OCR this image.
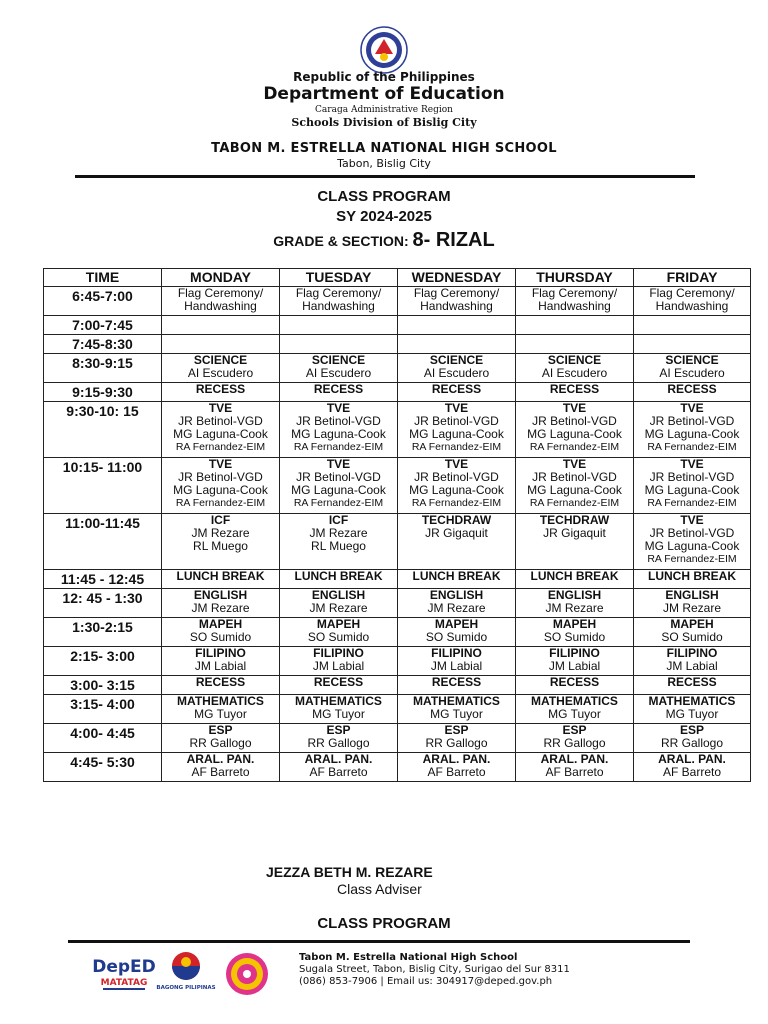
Republic of the Philippines
Department of Education
Caraga Administrative Region
Schools Division of Bislig City
TABON M. ESTRELLA NATIONAL HIGH SCHOOL
Tabon, Bislig City
CLASS PROGRAM
SY 2024-2025
GRADE & SECTION: 8- RIZAL
TIME	MONDAY	TUESDAY	WEDNESDAY	THURSDAY	FRIDAY
6:45-7:00	Flag Ceremony/
Handwashing	Flag Ceremony/
Handwashing	Flag Ceremony/
Handwashing	Flag Ceremony/
Handwashing	Flag Ceremony/
Handwashing

7:00-7:45					
7:45-8:30					
8:30-9:15	SCIENCE
AI Escudero	SCIENCE
AI Escudero	SCIENCE
AI Escudero	SCIENCE
AI Escudero	SCIENCE
AI Escudero

9:15-9:30	RECESS	RECESS	RECESS	RECESS	RECESS

9:30-10: 15	TVE
JR Betinol-VGD
MG Laguna-Cook
RA Fernandez-EIM	TVE
JR Betinol-VGD
MG Laguna-Cook
RA Fernandez-EIM	TVE
JR Betinol-VGD
MG Laguna-Cook
RA Fernandez-EIM	TVE
JR Betinol-VGD
MG Laguna-Cook
RA Fernandez-EIM	TVE
JR Betinol-VGD
MG Laguna-Cook
RA Fernandez-EIM

10:15- 11:00	TVE
JR Betinol-VGD
MG Laguna-Cook
RA Fernandez-EIM	TVE
JR Betinol-VGD
MG Laguna-Cook
RA Fernandez-EIM	TVE
JR Betinol-VGD
MG Laguna-Cook
RA Fernandez-EIM	TVE
JR Betinol-VGD
MG Laguna-Cook
RA Fernandez-EIM	TVE
JR Betinol-VGD
MG Laguna-Cook
RA Fernandez-EIM

11:00-11:45	ICF
JM Rezare
RL Muego	ICF
JM Rezare
RL Muego	TECHDRAW
JR Gigaquit	TECHDRAW
JR Gigaquit	TVE
JR Betinol-VGD
MG Laguna-Cook
RA Fernandez-EIM

11:45 - 12:45	LUNCH BREAK	LUNCH BREAK	LUNCH BREAK	LUNCH BREAK	LUNCH BREAK

12: 45 - 1:30	ENGLISH
JM Rezare	ENGLISH
JM Rezare	ENGLISH
JM Rezare	ENGLISH
JM Rezare	ENGLISH
JM Rezare

1:30-2:15	MAPEH
SO Sumido	MAPEH
SO Sumido	MAPEH
SO Sumido	MAPEH
SO Sumido	MAPEH
SO Sumido

2:15- 3:00	FILIPINO
JM Labial	FILIPINO
JM Labial	FILIPINO
JM Labial	FILIPINO
JM Labial	FILIPINO
JM Labial

3:00- 3:15	RECESS	RECESS	RECESS	RECESS	RECESS

3:15- 4:00	MATHEMATICS
MG Tuyor	MATHEMATICS
MG Tuyor	MATHEMATICS
MG Tuyor	MATHEMATICS
MG Tuyor	MATHEMATICS
MG Tuyor

4:00- 4:45	ESP
RR Gallogo	ESP
RR Gallogo	ESP
RR Gallogo	ESP
RR Gallogo	ESP
RR Gallogo

4:45- 5:30	ARAL. PAN.
AF Barreto	ARAL. PAN.
AF Barreto	ARAL. PAN.
AF Barreto	ARAL. PAN.
AF Barreto	ARAL. PAN.
AF Barreto
JEZZA BETH M. REZARE
Class Adviser
CLASS PROGRAM
DepED
MATATAG BAGONG PILIPINAS
Tabon M. Estrella National High School
Sugala Street, Tabon, Bislig City, Surigao del Sur 8311
(086) 853-7906 | Email us: 304917@deped.gov.ph
